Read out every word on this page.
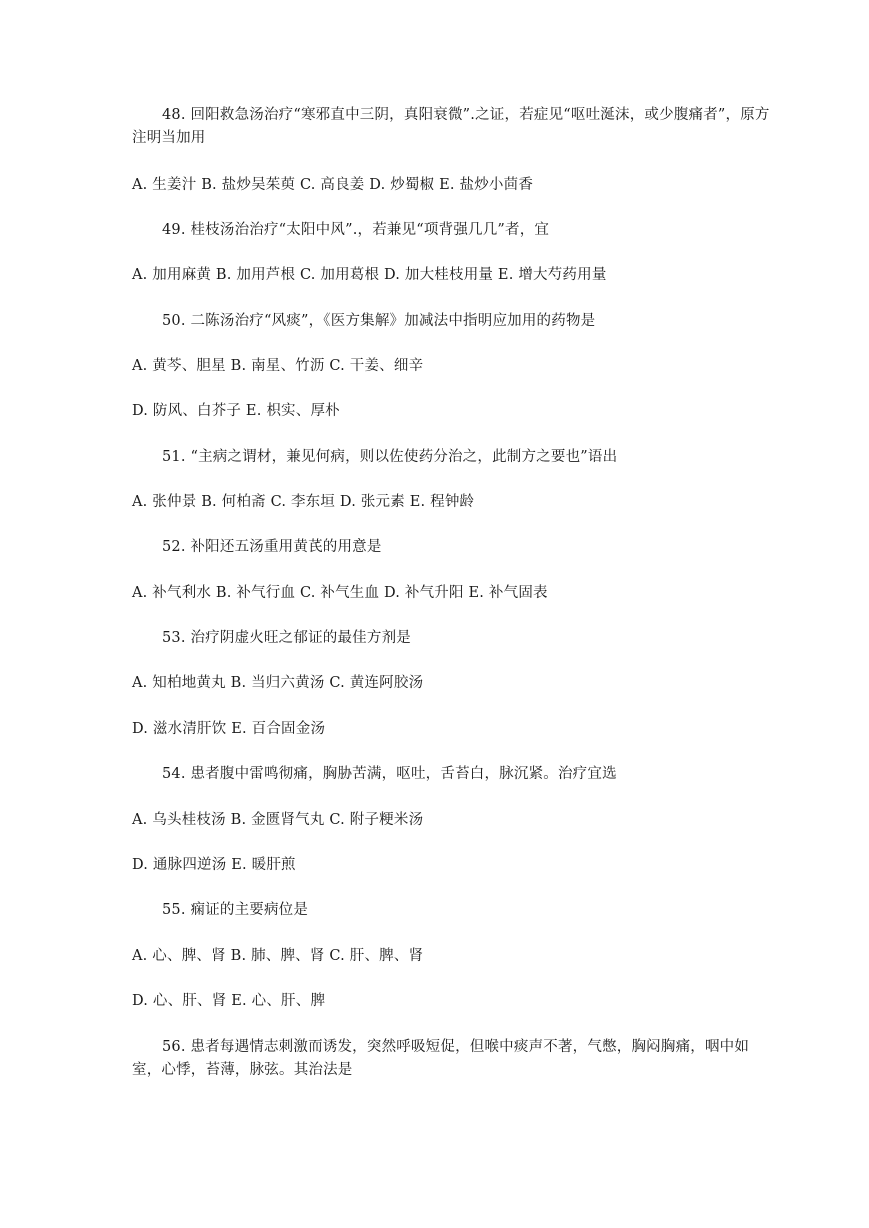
48. 回阳救急汤治疗“寒邪直中三阴，真阳衰微”.之证，若症见“呕吐涎沫，或少腹痛者”，原方注明当加用

A. 生姜汁 B. 盐炒吴茱萸 C. 高良姜 D. 炒蜀椒 E. 盐炒小茴香

49. 桂枝汤治治疗“太阳中风”.，若兼见“项背强几几”者，宜

A. 加用麻黄 B. 加用芦根 C. 加用葛根 D. 加大桂枝用量 E. 增大芍药用量

50. 二陈汤治疗“风痰”，《医方集解》加减法中指明应加用的药物是

A. 黄芩、胆星 B. 南星、竹沥 C. 干姜、细辛

D. 防风、白芥子 E. 枳实、厚朴

51. “主病之谓材，兼见何病，则以佐使药分治之，此制方之要也”语出

A. 张仲景 B. 何柏斋 C. 李东垣 D. 张元素 E. 程钟龄

52. 补阳还五汤重用黄芪的用意是

A. 补气利水 B. 补气行血 C. 补气生血 D. 补气升阳 E. 补气固表

53. 治疗阴虚火旺之郁证的最佳方剂是

A. 知柏地黄丸 B. 当归六黄汤 C. 黄连阿胶汤

D. 滋水清肝饮 E. 百合固金汤

54. 患者腹中雷鸣彻痛，胸胁苦满，呕吐，舌苔白，脉沉紧。治疗宜选

A. 乌头桂枝汤 B. 金匮肾气丸 C. 附子粳米汤

D. 通脉四逆汤 E. 暖肝煎

55. 痫证的主要病位是

A. 心、脾、肾 B. 肺、脾、肾 C. 肝、脾、肾

D. 心、肝、肾 E. 心、肝、脾

56. 患者每遇情志刺激而诱发，突然呼吸短促，但喉中痰声不著，气憋，胸闷胸痛，咽中如室，心悸，苔薄，脉弦。其治法是
